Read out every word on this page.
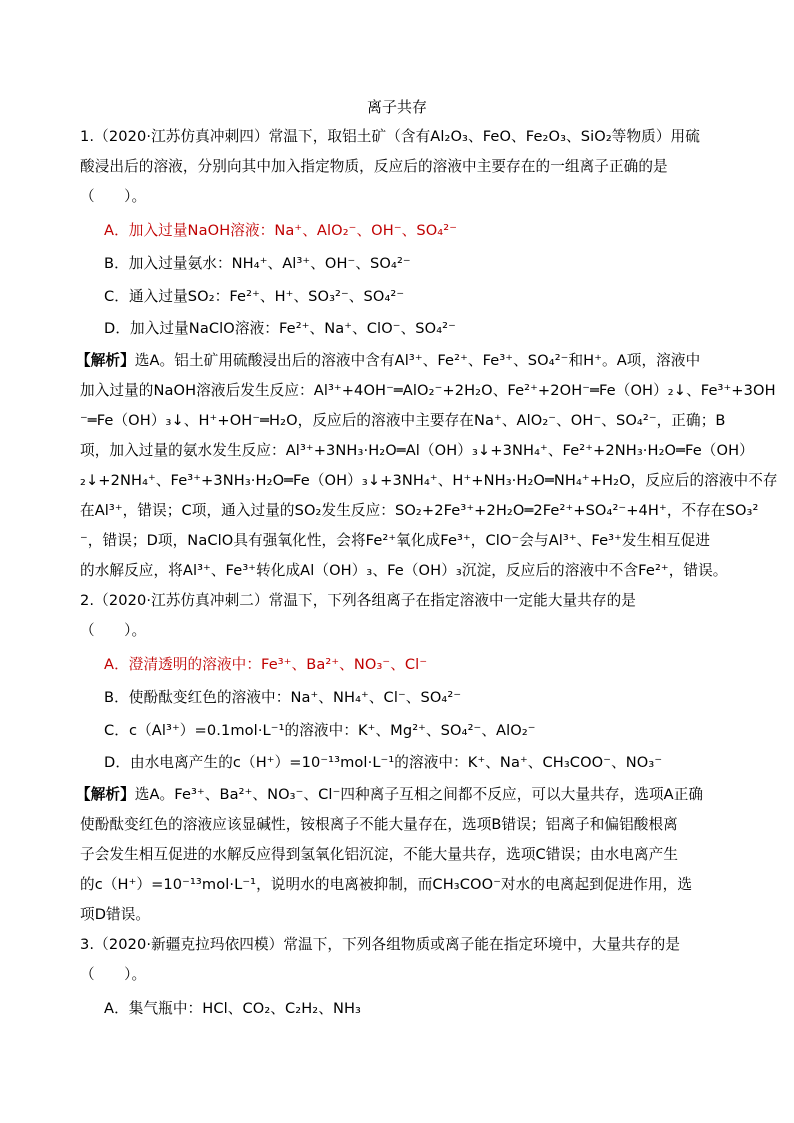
离子共存
1.（2020·江苏仿真冲刺四）常温下，取铝土矿（含有Al₂O₃、FeO、Fe₂O₃、SiO₂等物质）用硫
酸浸出后的溶液，分别向其中加入指定物质，反应后的溶液中主要存在的一组离子正确的是
（　　）。
A．加入过量NaOH溶液：Na⁺、AlO₂⁻、OH⁻、SO₄²⁻
B．加入过量氨水：NH₄⁺、Al³⁺、OH⁻、SO₄²⁻
C．通入过量SO₂：Fe²⁺、H⁺、SO₃²⁻、SO₄²⁻
D．加入过量NaClO溶液：Fe²⁺、Na⁺、ClO⁻、SO₄²⁻
【解析】选A。铝土矿用硫酸浸出后的溶液中含有Al³⁺、Fe²⁺、Fe³⁺、SO₄²⁻和H⁺。A项，溶液中
加入过量的NaOH溶液后发生反应：Al³⁺+4OH⁻═AlO₂⁻+2H₂O、Fe²⁺+2OH⁻═Fe（OH）₂↓、Fe³⁺+3OH
⁻═Fe（OH）₃↓、H⁺+OH⁻═H₂O，反应后的溶液中主要存在Na⁺、AlO₂⁻、OH⁻、SO₄²⁻，正确；B
项，加入过量的氨水发生反应：Al³⁺+3NH₃·H₂O═Al（OH）₃↓+3NH₄⁺、Fe²⁺+2NH₃·H₂O═Fe（OH）
₂↓+2NH₄⁺、Fe³⁺+3NH₃·H₂O═Fe（OH）₃↓+3NH₄⁺、H⁺+NH₃·H₂O═NH₄⁺+H₂O，反应后的溶液中不存
在Al³⁺，错误；C项，通入过量的SO₂发生反应：SO₂+2Fe³⁺+2H₂O═2Fe²⁺+SO₄²⁻+4H⁺，不存在SO₃²
⁻，错误；D项，NaClO具有强氧化性，会将Fe²⁺氧化成Fe³⁺，ClO⁻会与Al³⁺、Fe³⁺发生相互促进
的水解反应，将Al³⁺、Fe³⁺转化成Al（OH）₃、Fe（OH）₃沉淀，反应后的溶液中不含Fe²⁺，错误。
2.（2020·江苏仿真冲刺二）常温下，下列各组离子在指定溶液中一定能大量共存的是
（　　）。
A．澄清透明的溶液中：Fe³⁺、Ba²⁺、NO₃⁻、Cl⁻
B．使酚酞变红色的溶液中：Na⁺、NH₄⁺、Cl⁻、SO₄²⁻
C．c（Al³⁺）=0.1mol·L⁻¹的溶液中：K⁺、Mg²⁺、SO₄²⁻、AlO₂⁻
D．由水电离产生的c（H⁺）=10⁻¹³mol·L⁻¹的溶液中：K⁺、Na⁺、CH₃COO⁻、NO₃⁻
【解析】选A。Fe³⁺、Ba²⁺、NO₃⁻、Cl⁻四种离子互相之间都不反应，可以大量共存，选项A正确
使酚酞变红色的溶液应该显碱性，铵根离子不能大量存在，选项B错误；铝离子和偏铝酸根离
子会发生相互促进的水解反应得到氢氧化铝沉淀，不能大量共存，选项C错误；由水电离产生
的c（H⁺）=10⁻¹³mol·L⁻¹，说明水的电离被抑制，而CH₃COO⁻对水的电离起到促进作用，选
项D错误。
3.（2020·新疆克拉玛依四模）常温下，下列各组物质或离子能在指定环境中，大量共存的是
（　　）。
A．集气瓶中：HCl、CO₂、C₂H₂、NH₃
